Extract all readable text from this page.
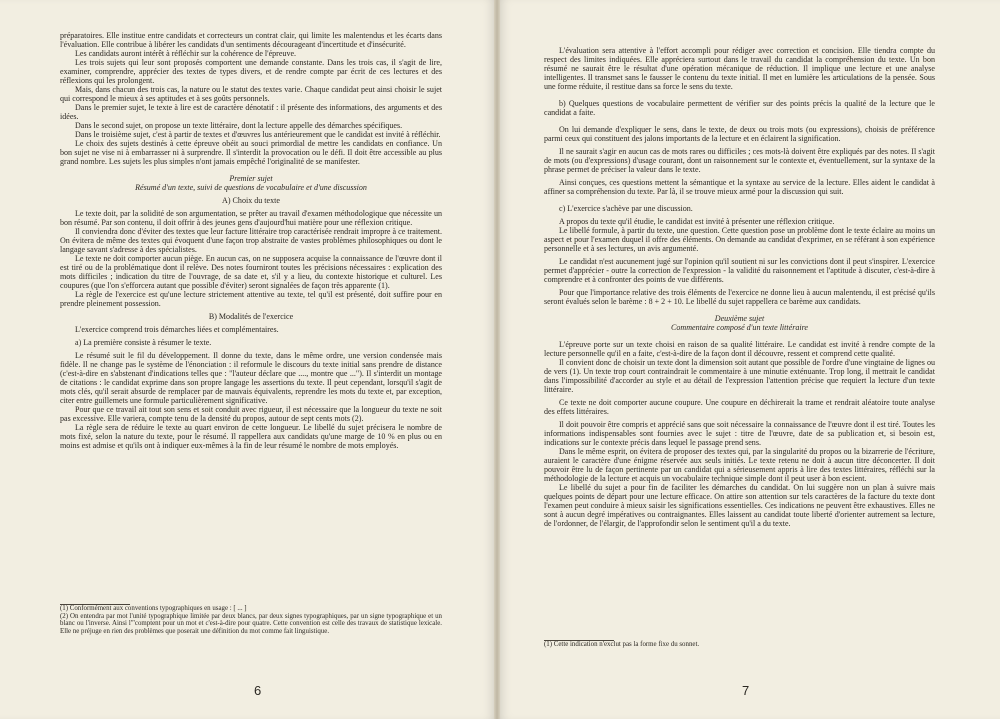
préparatoires. Elle institue entre candidats et correcteurs un contrat clair, qui limite les malentendus et les écarts dans l'évaluation. Elle contribue à libérer les candidats d'un sentiments décourageant d'incertitude et d'insécurité.

Les candidats auront intérêt à réfléchir sur la cohérence de l'épreuve.

Les trois sujets qui leur sont proposés comportent une demande constante. Dans les trois cas, il s'agit de lire, examiner, comprendre, apprécier des textes de types divers, et de rendre compte par écrit de ces lectures et des réflexions qui les prolongent.

Mais, dans chacun des trois cas, la nature ou le statut des textes varie. Chaque candidat peut ainsi choisir le sujet qui correspond le mieux à ses aptitudes et à ses goûts personnels.

Dans le premier sujet, le texte à lire est de caractère dénotatif : il présente des informations, des arguments et des idées.

Dans le second sujet, on propose un texte littéraire, dont la lecture appelle des démarches spécifiques.

Dans le troisième sujet, c'est à partir de textes et d'œuvres lus antérieurement que le candidat est invité à réfléchir.

Le choix des sujets destinés à cette épreuve obéit au souci primordial de mettre les candidats en confiance. Un bon sujet ne vise ni à embarrasser ni à surprendre. Il s'interdit la provocation ou le défi. Il doit être accessible au plus grand nombre. Les sujets les plus simples n'ont jamais empêché l'originalité de se manifester.

Premier sujet

Résumé d'un texte, suivi de questions de vocabulaire et d'une discussion

A) Choix du texte

Le texte doit, par la solidité de son argumentation, se prêter au travail d'examen méthodologique que nécessite un bon résumé. Par son contenu, il doit offrir à des jeunes gens d'aujourd'hui matière pour une réflexion critique.

Il conviendra donc d'éviter des textes que leur facture littéraire trop caractérisée rendrait impropre à ce traitement. On évitera de même des textes qui évoquent d'une façon trop abstraite de vastes problèmes philosophiques ou dont le langage savant s'adresse à des spécialistes.

Le texte ne doit comporter aucun piège. En aucun cas, on ne supposera acquise la connaissance de l'œuvre dont il est tiré ou de la problématique dont il relève. Des notes fourniront toutes les précisions nécessaires : explication des mots difficiles ; indication du titre de l'ouvrage, de sa date et, s'il y a lieu, du contexte historique et culturel. Les coupures (que l'on s'efforcera autant que possible d'éviter) seront signalées de façon très apparente (1).

La règle de l'exercice est qu'une lecture strictement attentive au texte, tel qu'il est présenté, doit suffire pour en prendre pleinement possession.

B) Modalités de l'exercice

L'exercice comprend trois démarches liées et complémentaires.

a) La première consiste à résumer le texte.

Le résumé suit le fil du développement. Il donne du texte, dans le même ordre, une version condensée mais fidèle. Il ne change pas le système de l'énonciation : il reformule le discours du texte initial sans prendre de distance (c'est-à-dire en s'abstenant d'indications telles que : "l'auteur déclare que ...., montre que ..."). Il s'interdit un montage de citations : le candidat exprime dans son propre langage les assertions du texte. Il peut cependant, lorsqu'il s'agit de mots clés, qu'il serait absurde de remplacer par de mauvais équivalents, reprendre les mots du texte et, par exception, citer entre guillemets une formule particulièrement significative.

Pour que ce travail ait tout son sens et soit conduit avec rigueur, il est nécessaire que la longueur du texte ne soit pas excessive. Elle variera, compte tenu de la densité du propos, autour de sept cents mots (2).

La règle sera de réduire le texte au quart environ de cette longueur. Le libellé du sujet précisera le nombre de mots fixé, selon la nature du texte, pour le résumé. Il rappellera aux candidats qu'une marge de 10 % en plus ou en moins est admise et qu'ils ont à indiquer eux-mêmes à la fin de leur résumé le nombre de mots employés.

(1) Conformément aux conventions typographiques en usage : [ ... ]

(2) On entendra par mot l'unité typographique limitée par deux blancs, par deux signes typographiques, par un signe typographique et un blanc ou l'inverse. Ainsi l'"comptent pour un mot et c'est-à-dire pour quatre. Cette convention est celle des travaux de statistique lexicale. Elle ne préjuge en rien des problèmes que poserait une définition du mot comme fait linguistique.

6

L'évaluation sera attentive à l'effort accompli pour rédiger avec correction et concision. Elle tiendra compte du respect des limites indiquées. Elle appréciera surtout dans le travail du candidat la compréhension du texte. Un bon résumé ne saurait être le résultat d'une opération mécanique de réduction. Il implique une lecture et une analyse intelligentes. Il transmet sans le fausser le contenu du texte initial. Il met en lumière les articulations de la pensée. Sous une forme réduite, il restitue dans sa force le sens du texte.

b) Quelques questions de vocabulaire permettent de vérifier sur des points précis la qualité de la lecture que le candidat a faite.

On lui demande d'expliquer le sens, dans le texte, de deux ou trois mots (ou expressions), choisis de préférence parmi ceux qui constituent des jalons importants de la lecture et en éclairent la signification.

Il ne saurait s'agir en aucun cas de mots rares ou difficiles ; ces mots-là doivent être expliqués par des notes. Il s'agit de mots (ou d'expressions) d'usage courant, dont un raisonnement sur le contexte et, éventuellement, sur la syntaxe de la phrase permet de préciser la valeur dans le texte.

Ainsi conçues, ces questions mettent la sémantique et la syntaxe au service de la lecture. Elles aident le candidat à affiner sa compréhension du texte. Par là, il se trouve mieux armé pour la discussion qui suit.

c) L'exercice s'achève par une discussion.

A propos du texte qu'il étudie, le candidat est invité à présenter une réflexion critique.

Le libellé formule, à partir du texte, une question. Cette question pose un problème dont le texte éclaire au moins un aspect et pour l'examen duquel il offre des éléments. On demande au candidat d'exprimer, en se référant à son expérience personnelle et à ses lectures, un avis argumenté.

Le candidat n'est aucunement jugé sur l'opinion qu'il soutient ni sur les convictions dont il peut s'inspirer. L'exercice permet d'apprécier - outre la correction de l'expression - la validité du raisonnement et l'aptitude à discuter, c'est-à-dire à comprendre et à confronter des points de vue différents.

Pour que l'importance relative des trois éléments de l'exercice ne donne lieu à aucun malentendu, il est précisé qu'ils seront évalués selon le barème : 8 + 2 + 10. Le libellé du sujet rappellera ce barème aux candidats.

Deuxième sujet

Commentaire composé d'un texte littéraire

L'épreuve porte sur un texte choisi en raison de sa qualité littéraire. Le candidat est invité à rendre compte de la lecture personnelle qu'il en a faite, c'est-à-dire de la façon dont il découvre, ressent et comprend cette qualité.

Il convient donc de choisir un texte dont la dimension soit autant que possible de l'ordre d'une vingtaine de lignes ou de vers (1). Un texte trop court contraindrait le commentaire à une minutie exténuante. Trop long, il mettrait le candidat dans l'impossibilité d'accorder au style et au détail de l'expression l'attention précise que requiert la lecture d'un texte littéraire.

Ce texte ne doit comporter aucune coupure. Une coupure en déchirerait la trame et rendrait aléatoire toute analyse des effets littéraires.

Il doit pouvoir être compris et apprécié sans que soit nécessaire la connaissance de l'œuvre dont il est tiré. Toutes les informations indispensables sont fournies avec le sujet : titre de l'œuvre, date de sa publication et, si besoin est, indications sur le contexte précis dans lequel le passage prend sens.

Dans le même esprit, on évitera de proposer des textes qui, par la singularité du propos ou la bizarrerie de l'écriture, auraient le caractère d'une énigme réservée aux seuls initiés. Le texte retenu ne doit à aucun titre déconcerter. Il doit pouvoir être lu de façon pertinente par un candidat qui a sérieusement appris à lire des textes littéraires, réfléchi sur la méthodologie de la lecture et acquis un vocabulaire technique simple dont il peut user à bon escient.

Le libellé du sujet a pour fin de faciliter les démarches du candidat. On lui suggère non un plan à suivre mais quelques points de départ pour une lecture efficace. On attire son attention sur tels caractères de la facture du texte dont l'examen peut conduire à mieux saisir les significations essentielles. Ces indications ne peuvent être exhaustives. Elles ne sont à aucun degré impératives ou contraignantes. Elles laissent au candidat toute liberté d'orienter autrement sa lecture, de l'ordonner, de l'élargir, de l'approfondir selon le sentiment qu'il a du texte.

(1) Cette indication n'exclut pas la forme fixe du sonnet.

7
